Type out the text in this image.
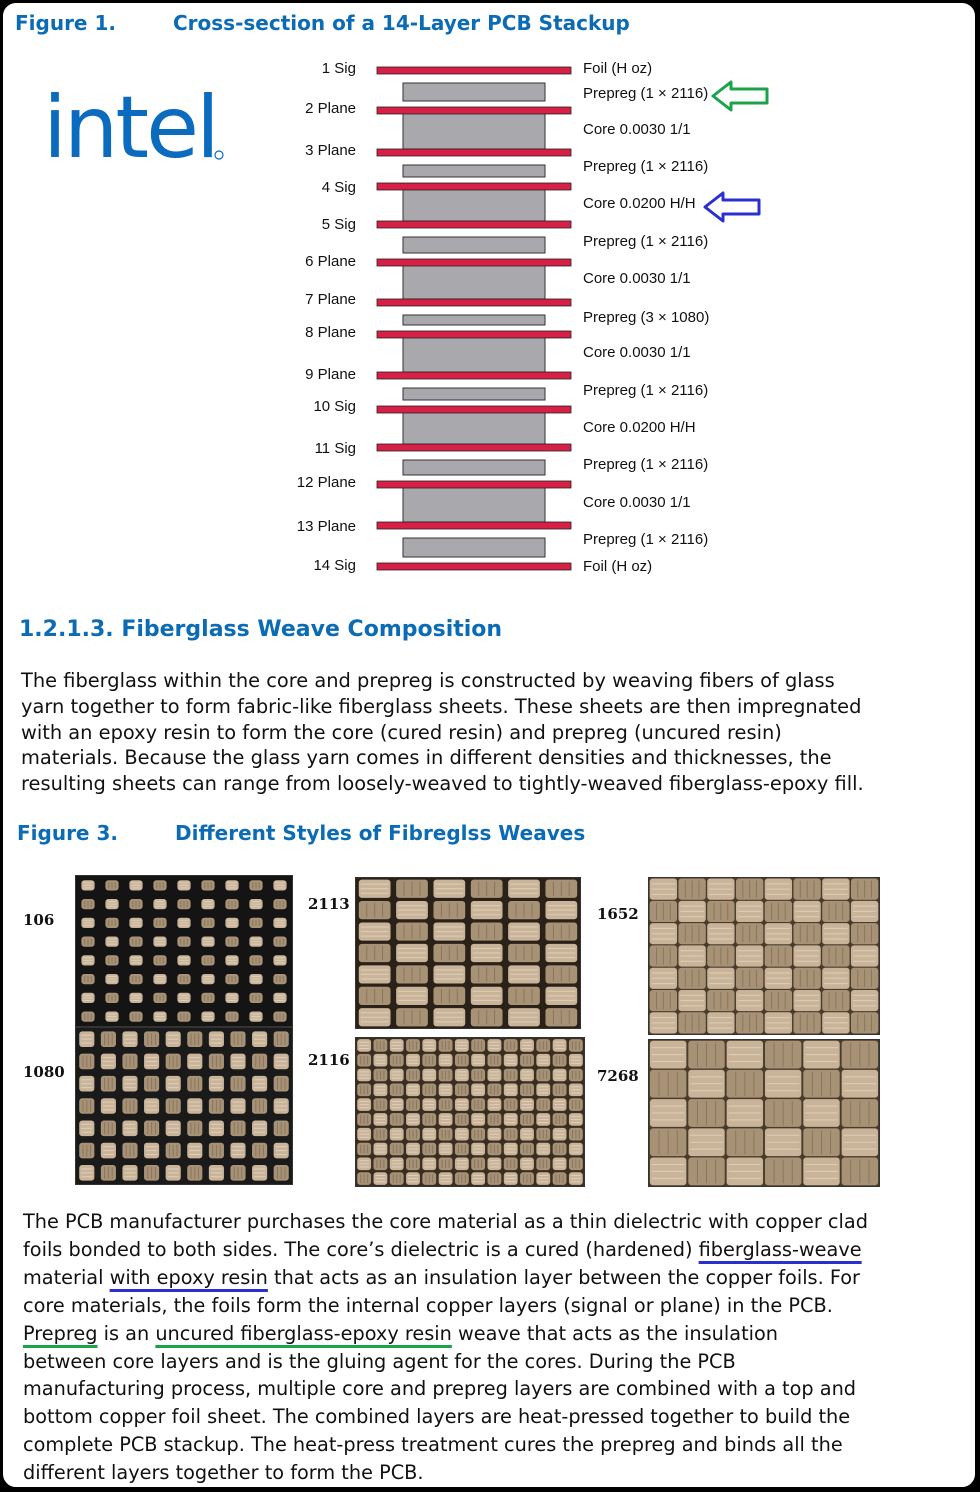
Figure 1.	Cross-section of a 14-Layer PCB Stackup
intel
1 Sig
2 Plane
3 Plane
4 Sig
5 Sig
6 Plane
7 Plane
8 Plane
9 Plane
10 Sig
11 Sig
12 Plane
13 Plane
14 Sig
Foil (H oz)
Prepreg (1 × 2116)
Core 0.0030 1/1
Prepreg (1 × 2116)
Core 0.0200 H/H
Prepreg (1 × 2116)
Core 0.0030 1/1
Prepreg (3 × 1080)
Core 0.0030 1/1
Prepreg (1 × 2116)
Core 0.0200 H/H
Prepreg (1 × 2116)
Core 0.0030 1/1
Prepreg (1 × 2116)
Foil (H oz)
1.2.1.3. Fiberglass Weave Composition
The fiberglass within the core and prepreg is constructed by weaving fibers of glass
yarn together to form fabric-like fiberglass sheets. These sheets are then impregnated
with an epoxy resin to form the core (cured resin) and prepreg (uncured resin)
materials. Because the glass yarn comes in different densities and thicknesses, the
resulting sheets can range from loosely-weaved to tightly-weaved fiberglass-epoxy fill.
Figure 3.	Different Styles of Fibreglss Weaves
106
1080
2113
2116
1652
7268
The PCB manufacturer purchases the core material as a thin dielectric with copper clad
foils bonded to both sides. The core’s dielectric is a cured (hardened) fiberglass-weave
material with epoxy resin that acts as an insulation layer between the copper foils. For
core materials, the foils form the internal copper layers (signal or plane) in the PCB.
Prepreg is an uncured fiberglass-epoxy resin weave that acts as the insulation
between core layers and is the gluing agent for the cores. During the PCB
manufacturing process, multiple core and prepreg layers are combined with a top and
bottom copper foil sheet. The combined layers are heat-pressed together to build the
complete PCB stackup. The heat-press treatment cures the prepreg and binds all the
different layers together to form the PCB.
